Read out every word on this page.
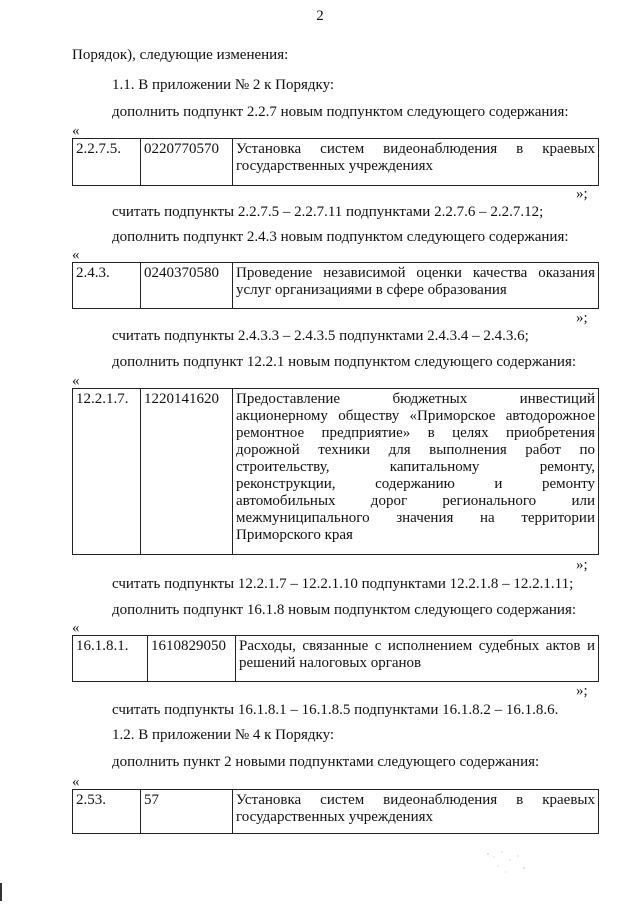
2
Порядок), следующие изменения:
1.1. В приложении № 2 к Порядку:
дополнить подпункт 2.2.7 новым подпунктом следующего содержания:
«
2.2.7.5.	0220770570	Установка систем видеонаблюдения в краевых
государственных учреждениях
»;
считать подпункты 2.2.7.5 – 2.2.7.11 подпунктами 2.2.7.6 – 2.2.7.12;
дополнить подпункт 2.4.3 новым подпунктом следующего содержания:
«
2.4.3.	0240370580	Проведение независимой оценки качества оказания
услуг организациями в сфере образования
»;
считать подпункты 2.4.3.3 – 2.4.3.5 подпунктами 2.4.3.4 – 2.4.3.6;
дополнить подпункт 12.2.1 новым подпунктом следующего содержания:
«
12.2.1.7.	1220141620	Предоставление бюджетных инвестиций
акционерному обществу «Приморское автодорожное
ремонтное предприятие» в целях приобретения
дорожной техники для выполнения работ по
строительству, капитальному ремонту,
реконструкции, содержанию и ремонту
автомобильных дорог регионального или
межмуниципального значения на территории
Приморского края
»;
считать подпункты 12.2.1.7 – 12.2.1.10 подпунктами 12.2.1.8 – 12.2.1.11;
дополнить подпункт 16.1.8 новым подпунктом следующего содержания:
«
16.1.8.1.	1610829050	Расходы, связанные с исполнением судебных актов и
решений налоговых органов
»;
считать подпункты 16.1.8.1 – 16.1.8.5 подпунктами 16.1.8.2 – 16.1.8.6.
1.2. В приложении № 4 к Порядку:
дополнить пункт 2 новыми подпунктами следующего содержания:
«
2.53.	57	Установка систем видеонаблюдения в краевых
государственных учреждениях
